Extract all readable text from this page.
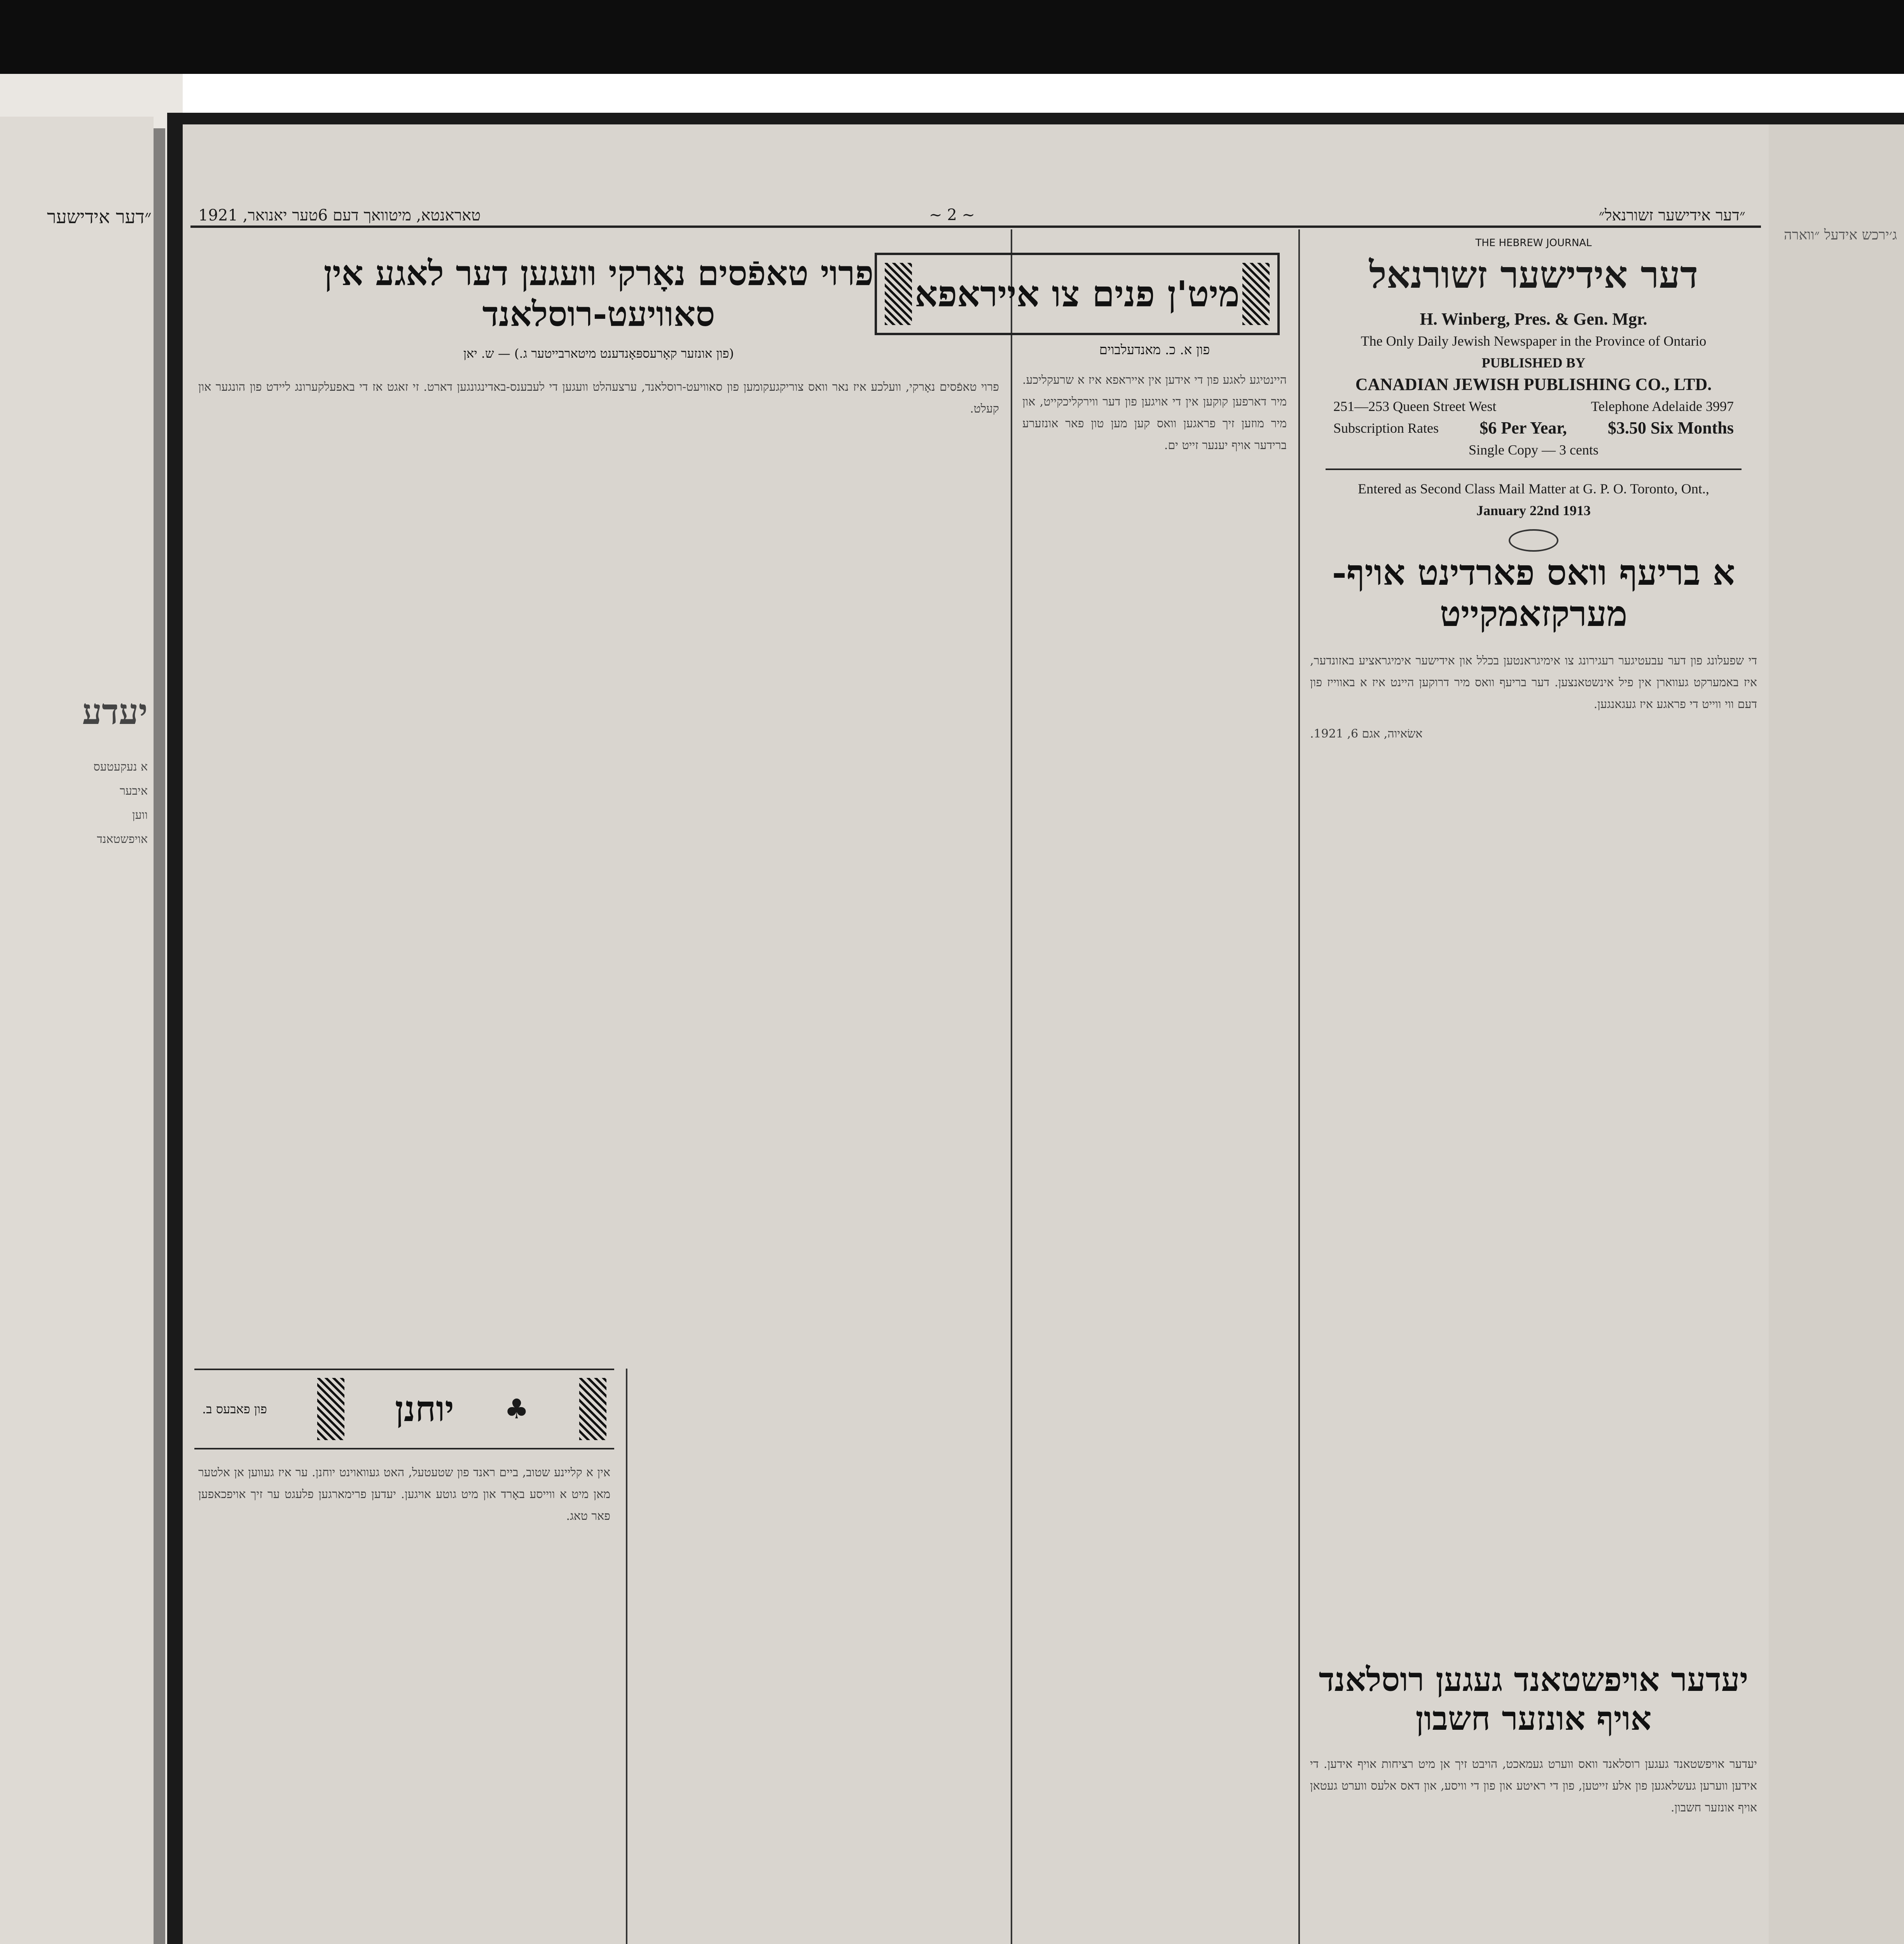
״דער אידישער
יעדע
א נעקעטעס
איבער
ווען
אויפשטאנד
טאראנטא, מיטוואך דעם 6טער יאנואר, 1921	~ 2 ~	״דער אידישער זשורנאל״
THE HEBREW JOURNAL
דער אידישער זשורנאל
H. Winberg, Pres. & Gen. Mgr.
The Only Daily Jewish Newspaper in the Province of Ontario
PUBLISHED BY
CANADIAN JEWISH PUBLISHING CO., LTD.
251—253 Queen Street West	Telephone Adelaide 3997
Subscription Rates $6 Per Year, $3.50 Six Months
Single Copy — 3 cents
Entered as Second Class Mail Matter at G. P. O. Toronto, Ont.,
January 22nd 1913
א בריעף וואס פארדינט אויף-
מערקזאמקייט
די שפעלונג פון דער עבעטיגער רעגירונג צו אימיגראנטען בכלל און אידישער אימיגראציע באזונדער, איז באמערקט געווארן אין פיל אינשטאנצען. דער בריעף וואס מיר דרוקען היינט איז א באווייז פון דעם ווי ווייט די פראגע איז געגאנגען.
אשׂאיוה, אגם 6, 1921.
יעדער אויפשטאנד געגען רוסלאנד
אויף אונזער חשבון
יעדער אויפשטאנד געגען רוסלאנד וואס ווערט געמאכט, הויבט זיך אן מיט רציחות אויף אידען. די אידען ווערען געשלאגען פון אלע זייטען, פון די ראיטע און פון די וויסע, און דאס אלעס ווערט געטאן אויף אונזער חשבון.
מיט'ן פנים צו אייראפא
פון א. כ. מאנדעלבוים
היינטיגע לאגע פון די אידען אין אייראפא איז א שרעקליכע. מיר דארפען קוקען אין די אויגען פון דער ווירקליכקייט, און מיר מוזען זיך פראגען וואס קען מען טון פאר אונזערע ברידער אויף יענער זייט ים.
פרוי טאפֿסים נאָרקי וועגען דער לאגע אין
סאוויעט-רוסלאנד
(פון אונזער קאָרעספּאָנדענט מיטארבייטער ג.) — ש. יאן
פרוי טאפֿסים נאָרקי, וועלכע איז נאר וואס צוריקגעקומען פון סאוויעט-רוסלאנד, ערצעהלט וועגען די לעבענס-באדינגונגען דארט. זי זאגט אז די באפעלקערונג ליידט פון הונגער און קעלט.
פון פאבעס ב.	יוחנן ♣
אין א קליינע שטוב, ביים ראנד פון שטעטעל, האט געוואוינט יוחנן. ער איז געווען אן אלטער מאן מיט א ווייסע באָרד און מיט גוטע אויגען. יעדען פרימארגען פלעגט ער זיך אויפכאפען פאר טאג.
ג׳ירכש אידעל ״ווארה
